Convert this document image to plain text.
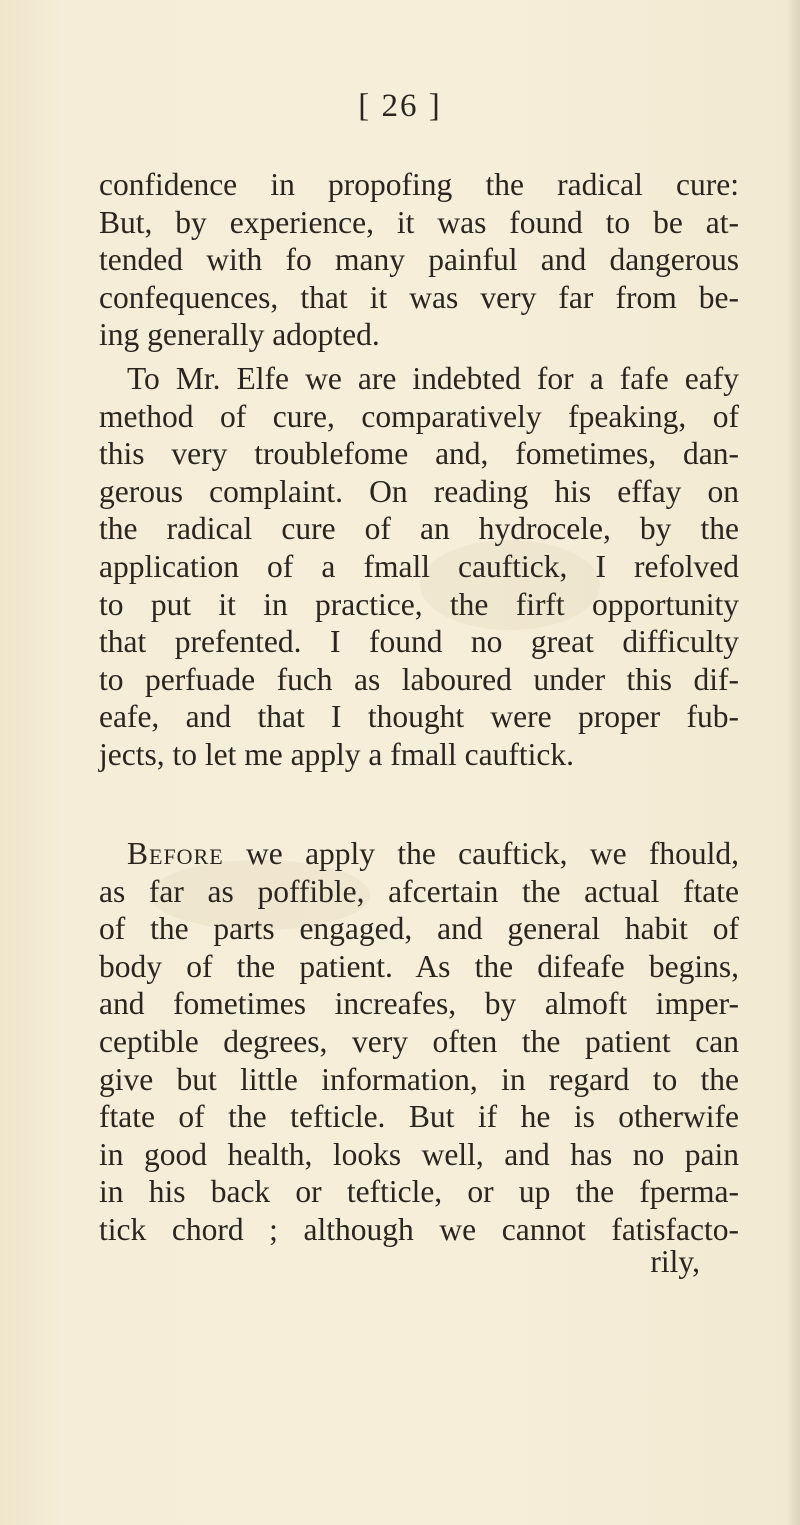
[ 26 ]
confidence in propofing the radical cure:
But, by experience, it was found to be at-
tended with fo many painful and dangerous
confequences, that it was very far from be-
ing generally adopted.
To Mr. Elfe we are indebted for a fafe eafy
method of cure, comparatively fpeaking, of
this very troublefome and, fometimes, dan-
gerous complaint. On reading his effay on
the radical cure of an hydrocele, by the
application of a fmall cauftick, I refolved
to put it in practice, the firft opportunity
that prefented. I found no great difficulty
to perfuade fuch as laboured under this dif-
eafe, and that I thought were proper fub-
jects, to let me apply a fmall cauftick.
Before we apply the cauftick, we fhould,
as far as poffible, afcertain the actual ftate
of the parts engaged, and general habit of
body of the patient. As the difeafe begins,
and fometimes increafes, by almoft imper-
ceptible degrees, very often the patient can
give but little information, in regard to the
ftate of the tefticle. But if he is otherwife
in good health, looks well, and has no pain
in his back or tefticle, or up the fperma-
tick chord ; although we cannot fatisfacto-
rily,
